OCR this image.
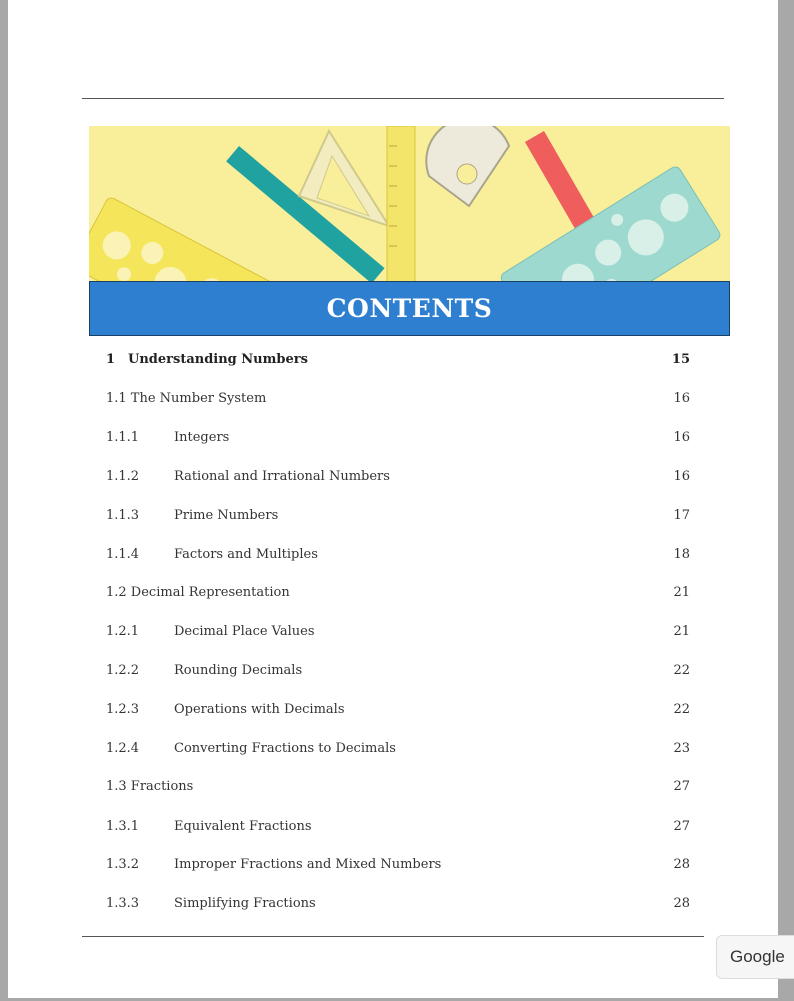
CONTENTS
1 Understanding Numbers	15
1.1 The Number System	16
1.1.1	Integers	16
1.1.2	Rational and Irrational Numbers	16
1.1.3	Prime Numbers	17
1.1.4	Factors and Multiples	18
1.2 Decimal Representation	21
1.2.1	Decimal Place Values	21
1.2.2	Rounding Decimals	22
1.2.3	Operations with Decimals	22
1.2.4	Converting Fractions to Decimals	23
1.3 Fractions	27
1.3.1	Equivalent Fractions	27
1.3.2	Improper Fractions and Mixed Numbers	28
1.3.3	Simplifying Fractions	28
Google
